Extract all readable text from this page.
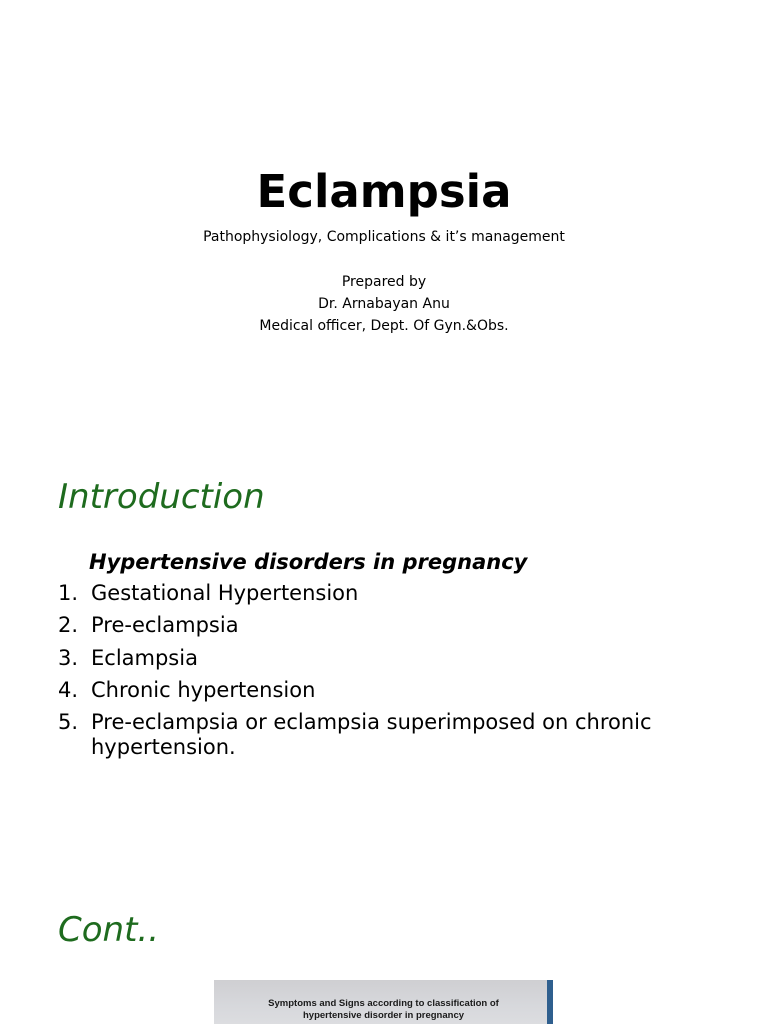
Eclampsia
Pathophysiology, Complications & it’s management
Prepared by
Dr. Arnabayan Anu
Medical officer, Dept. Of Gyn.&Obs.
Introduction
Hypertensive disorders in pregnancy
1. Gestational Hypertension
2. Pre-eclampsia
3. Eclampsia
4. Chronic hypertension
5. Pre-eclampsia or eclampsia superimposed on chronic hypertension.
Cont..
Symptoms and Signs according to classification of
hypertensive disorder in pregnancy
